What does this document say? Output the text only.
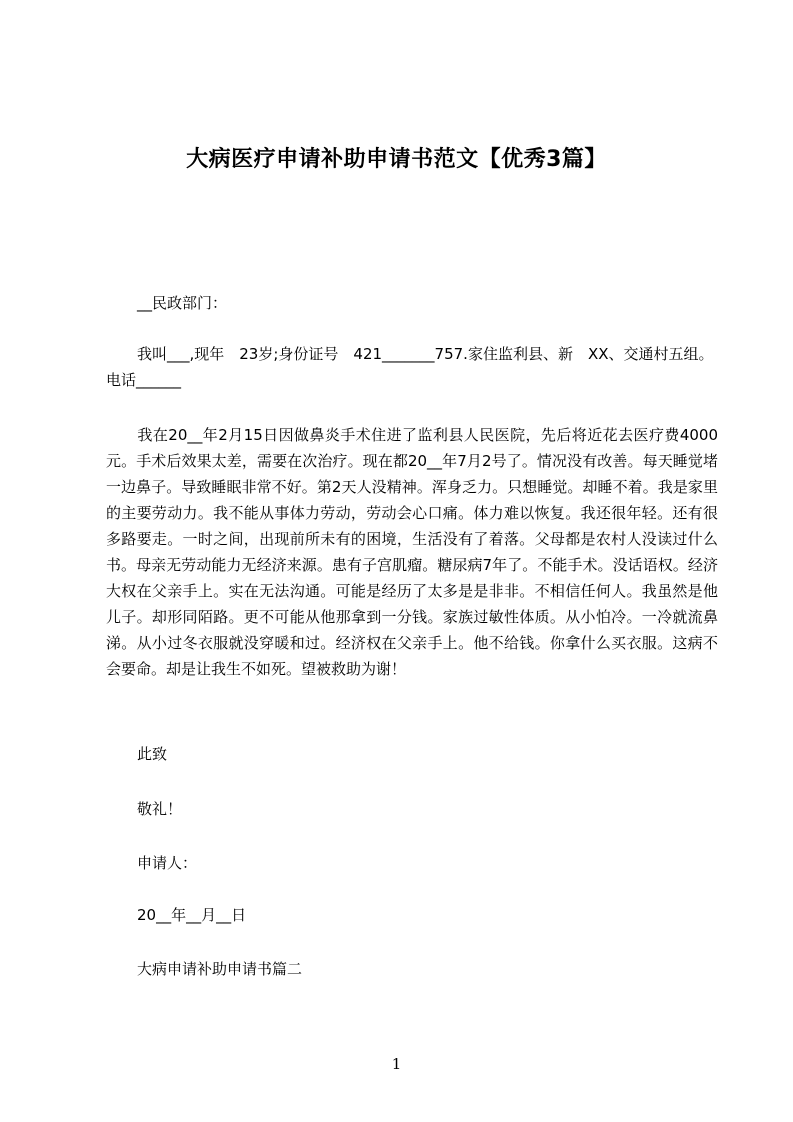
大病医疗申请补助申请书范文【优秀3篇】
__民政部门：
我叫___,现年　23岁;身份证号　421_______757.家住监利县、新　XX、交通村五组。电话______
我在20__年2月15日因做鼻炎手术住进了监利县人民医院，先后将近花去医疗费4000元。手术后效果太差，需要在次治疗。现在都20__年7月2号了。情况没有改善。每天睡觉堵一边鼻子。导致睡眠非常不好。第2天人没精神。浑身乏力。只想睡觉。却睡不着。我是家里的主要劳动力。我不能从事体力劳动，劳动会心口痛。体力难以恢复。我还很年轻。还有很多路要走。一时之间，出现前所未有的困境，生活没有了着落。父母都是农村人没读过什么书。母亲无劳动能力无经济来源。患有子宫肌瘤。糖尿病7年了。不能手术。没话语权。经济大权在父亲手上。实在无法沟通。可能是经历了太多是是非非。不相信任何人。我虽然是他儿子。却形同陌路。更不可能从他那拿到一分钱。家族过敏性体质。从小怕冷。一冷就流鼻涕。从小过冬衣服就没穿暖和过。经济权在父亲手上。他不给钱。你拿什么买衣服。这病不会要命。却是让我生不如死。望被救助为谢！
此致
敬礼！
申请人：
20__年__月__日
大病申请补助申请书篇二
1
